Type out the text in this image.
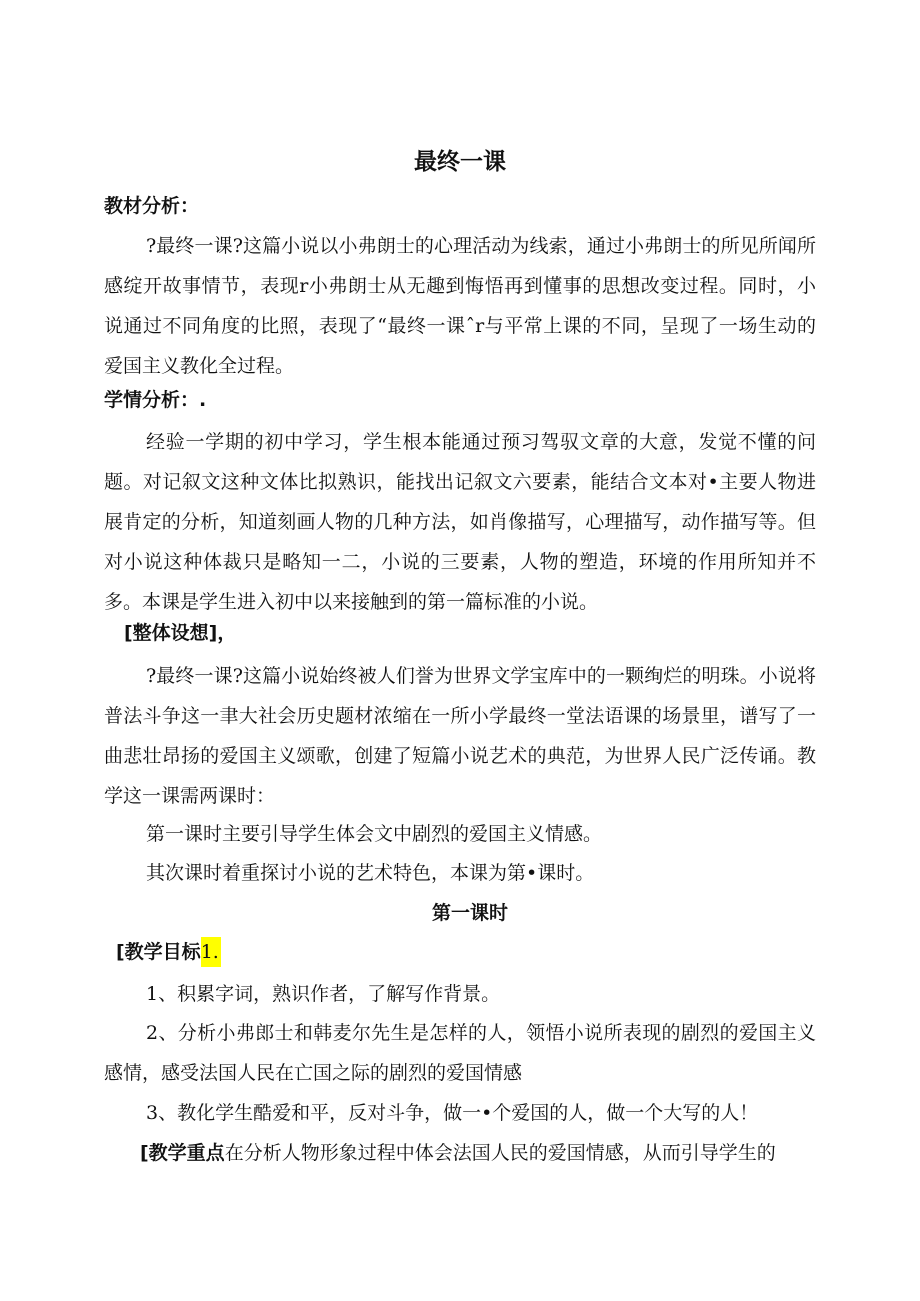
最终一课
教材分析：
?最终一课?这篇小说以小弗朗士的心理活动为线索，通过小弗朗士的所见所闻所感绽开故事情节，表现r小弗朗士从无趣到悔悟再到懂事的思想改变过程。同时，小说通过不同角度的比照，表现了“最终一课ˆr与平常上课的不同，呈现了一场生动的爱国主义教化全过程。
学情分析：.
经验一学期的初中学习，学生根本能通过预习驾驭文章的大意，发觉不懂的问题。对记叙文这种文体比拟熟识，能找出记叙文六要素，能结合文本对•主要人物进展肯定的分析，知道刻画人物的几种方法，如肖像描写，心理描写，动作描写等。但对小说这种体裁只是略知一二，小说的三要素，人物的塑造，环境的作用所知并不多。本课是学生进入初中以来接触到的第一篇标准的小说。
[整体设想]，
?最终一课?这篇小说始终被人们誉为世界文学宝库中的一颗绚烂的明珠。小说将普法斗争这一聿大社会历史题材浓缩在一所小学最终一堂法语课的场景里，谱写了一曲悲壮昂扬的爱国主义颂歌，创建了短篇小说艺术的典范，为世界人民广泛传诵。教学这一课需两课时：
第一课时主要引导学生体会文中剧烈的爱国主义情感。
其次课时着重探讨小说的艺术特色，本课为第•课时。
第一课时
[教学目标1.
1、积累字词，熟识作者，了解写作背景。
2、分析小弗郎士和韩麦尔先生是怎样的人，领悟小说所表现的剧烈的爱国主义感情，感受法国人民在亡国之际的剧烈的爱国情感
3、教化学生酷爱和平，反对斗争，做一•个爱国的人，做一个大写的人！
[教学重点在分析人物形象过程中体会法国人民的爱国情感，从而引导学生的
